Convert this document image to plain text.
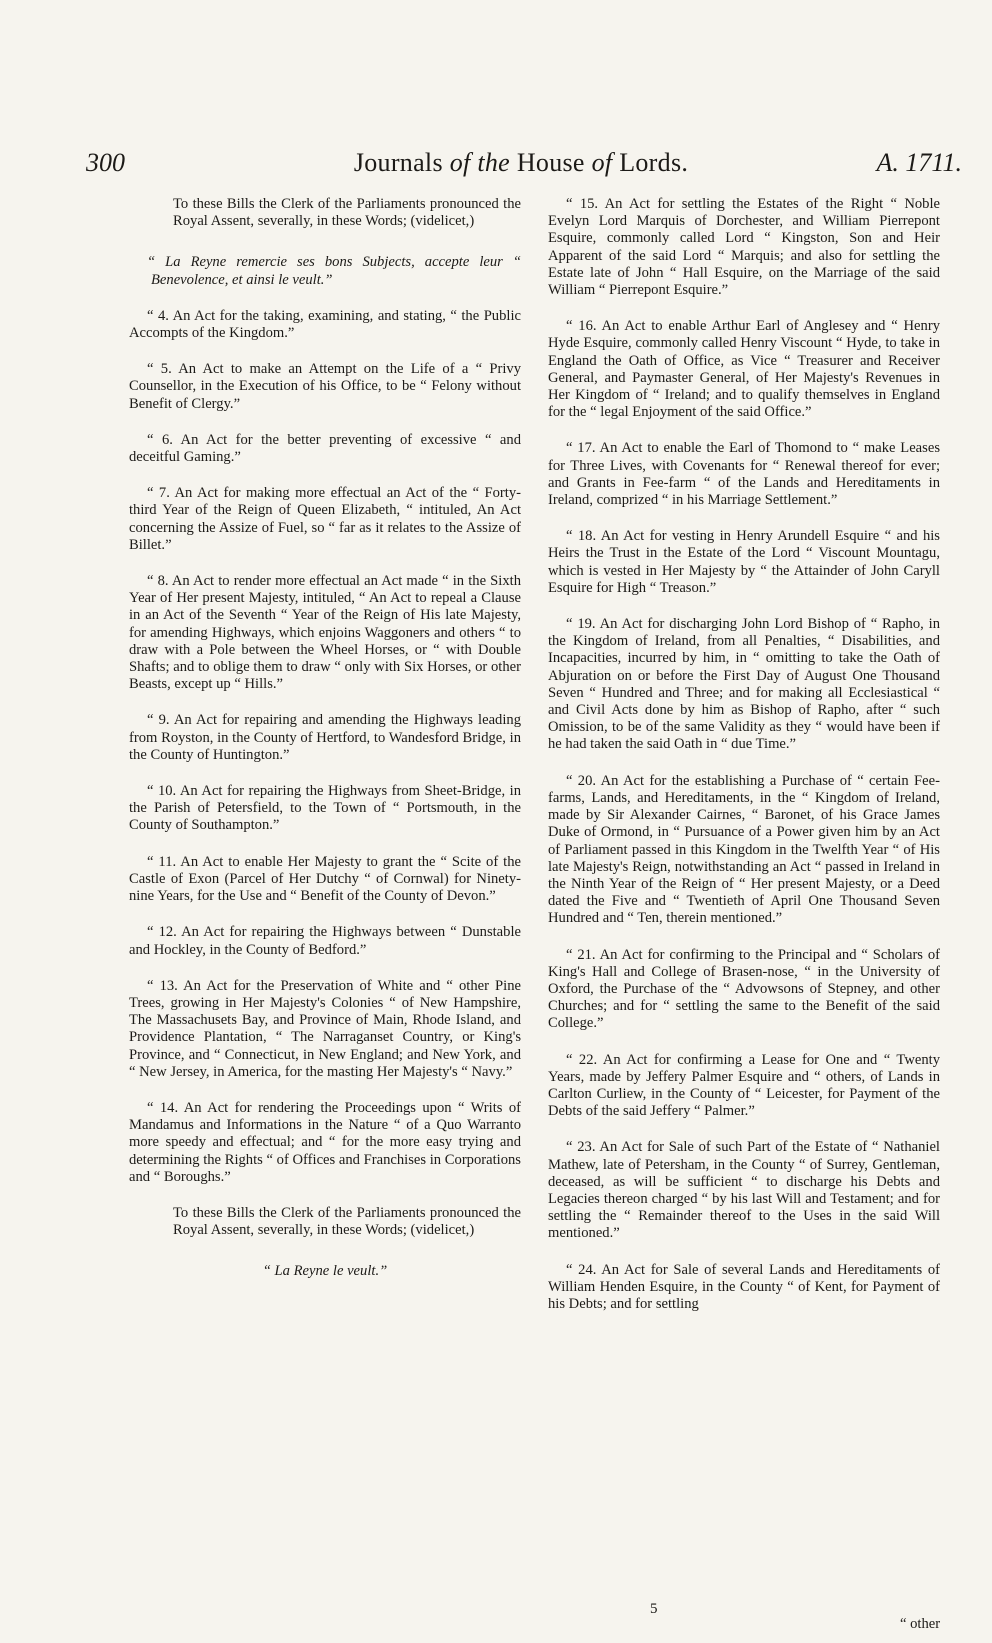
300	Journals of the House of Lords.	A. 1711.

To these Bills the Clerk of the Parliaments pronounced the Royal Assent, severally, in these Words; (videlicet,)

“ La Reyne remercie ses bons Subjects, accepte leur “ Benevolence, et ainsi le veult.”

“ 4. An Act for the taking, examining, and stating, “ the Public Accompts of the Kingdom.”

“ 5. An Act to make an Attempt on the Life of a “ Privy Counsellor, in the Execution of his Office, to be “ Felony without Benefit of Clergy.”

“ 6. An Act for the better preventing of excessive “ and deceitful Gaming.”

“ 7. An Act for making more effectual an Act of the “ Forty-third Year of the Reign of Queen Elizabeth, “ intituled, An Act concerning the Assize of Fuel, so “ far as it relates to the Assize of Billet.”

“ 8. An Act to render more effectual an Act made “ in the Sixth Year of Her present Majesty, intituled, “ An Act to repeal a Clause in an Act of the Seventh “ Year of the Reign of His late Majesty, for amending Highways, which enjoins Waggoners and others “ to draw with a Pole between the Wheel Horses, or “ with Double Shafts; and to oblige them to draw “ only with Six Horses, or other Beasts, except up “ Hills.”

“ 9. An Act for repairing and amending the Highways leading from Royston, in the County of Hertford, to Wandesford Bridge, in the County of Huntington.”

“ 10. An Act for repairing the Highways from Sheet-Bridge, in the Parish of Petersfield, to the Town of “ Portsmouth, in the County of Southampton.”

“ 11. An Act to enable Her Majesty to grant the “ Scite of the Castle of Exon (Parcel of Her Dutchy “ of Cornwal) for Ninety-nine Years, for the Use and “ Benefit of the County of Devon.”

“ 12. An Act for repairing the Highways between “ Dunstable and Hockley, in the County of Bedford.”

“ 13. An Act for the Preservation of White and “ other Pine Trees, growing in Her Majesty's Colonies “ of New Hampshire, The Massachusets Bay, and Province of Main, Rhode Island, and Providence Plantation, “ The Narraganset Country, or King's Province, and “ Connecticut, in New England; and New York, and “ New Jersey, in America, for the masting Her Majesty's “ Navy.”

“ 14. An Act for rendering the Proceedings upon “ Writs of Mandamus and Informations in the Nature “ of a Quo Warranto more speedy and effectual; and “ for the more easy trying and determining the Rights “ of Offices and Franchises in Corporations and “ Boroughs.”

To these Bills the Clerk of the Parliaments pronounced the Royal Assent, severally, in these Words; (videlicet,)

“ La Reyne le veult.”

“ 15. An Act for settling the Estates of the Right “ Noble Evelyn Lord Marquis of Dorchester, and William Pierrepont Esquire, commonly called Lord “ Kingston, Son and Heir Apparent of the said Lord “ Marquis; and also for settling the Estate late of John “ Hall Esquire, on the Marriage of the said William “ Pierrepont Esquire.”

“ 16. An Act to enable Arthur Earl of Anglesey and “ Henry Hyde Esquire, commonly called Henry Viscount “ Hyde, to take in England the Oath of Office, as Vice “ Treasurer and Receiver General, and Paymaster General, of Her Majesty's Revenues in Her Kingdom of “ Ireland; and to qualify themselves in England for the “ legal Enjoyment of the said Office.”

“ 17. An Act to enable the Earl of Thomond to “ make Leases for Three Lives, with Covenants for “ Renewal thereof for ever; and Grants in Fee-farm “ of the Lands and Hereditaments in Ireland, comprized “ in his Marriage Settlement.”

“ 18. An Act for vesting in Henry Arundell Esquire “ and his Heirs the Trust in the Estate of the Lord “ Viscount Mountagu, which is vested in Her Majesty by “ the Attainder of John Caryll Esquire for High “ Treason.”

“ 19. An Act for discharging John Lord Bishop of “ Rapho, in the Kingdom of Ireland, from all Penalties, “ Disabilities, and Incapacities, incurred by him, in “ omitting to take the Oath of Abjuration on or before the First Day of August One Thousand Seven “ Hundred and Three; and for making all Ecclesiastical “ and Civil Acts done by him as Bishop of Rapho, after “ such Omission, to be of the same Validity as they “ would have been if he had taken the said Oath in “ due Time.”

“ 20. An Act for the establishing a Purchase of “ certain Fee-farms, Lands, and Hereditaments, in the “ Kingdom of Ireland, made by Sir Alexander Cairnes, “ Baronet, of his Grace James Duke of Ormond, in “ Pursuance of a Power given him by an Act of Parliament passed in this Kingdom in the Twelfth Year “ of His late Majesty's Reign, notwithstanding an Act “ passed in Ireland in the Ninth Year of the Reign of “ Her present Majesty, or a Deed dated the Five and “ Twentieth of April One Thousand Seven Hundred and “ Ten, therein mentioned.”

“ 21. An Act for confirming to the Principal and “ Scholars of King's Hall and College of Brasen-nose, “ in the University of Oxford, the Purchase of the “ Advowsons of Stepney, and other Churches; and for “ settling the same to the Benefit of the said College.”

“ 22. An Act for confirming a Lease for One and “ Twenty Years, made by Jeffery Palmer Esquire and “ others, of Lands in Carlton Curliew, in the County of “ Leicester, for Payment of the Debts of the said Jeffery “ Palmer.”

“ 23. An Act for Sale of such Part of the Estate of “ Nathaniel Mathew, late of Petersham, in the County “ of Surrey, Gentleman, deceased, as will be sufficient “ to discharge his Debts and Legacies thereon charged “ by his last Will and Testament; and for settling the “ Remainder thereof to the Uses in the said Will mentioned.”

“ 24. An Act for Sale of several Lands and Hereditaments of William Henden Esquire, in the County “ of Kent, for Payment of his Debts; and for settling

5
“ other
